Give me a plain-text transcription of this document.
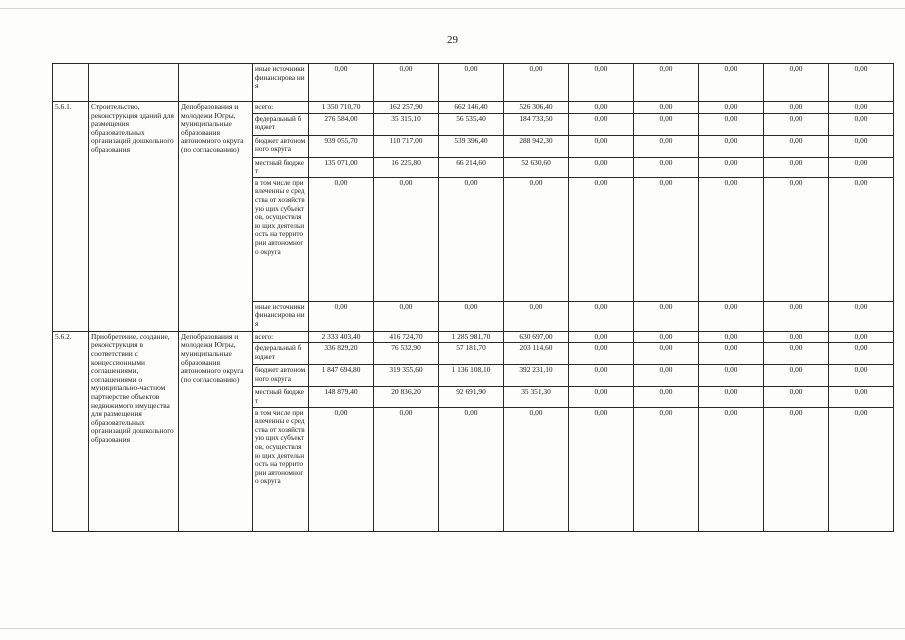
29
			иные источники финансирова ния	0,00	0,00	0,00	0,00	0,00	0,00	0,00	0,00	0,00
5.6.1.	Строительство, реконструкция зданий для размещения образовательных организаций дошкольного образования	Депобразования и молодежи Югры, муниципальные образования автономного округа (по согласованию)	всего:	1 350 710,70	162 257,90	662 146,40	526 306,40	0,00	0,00	0,00	0,00	0,00
			федеральный бюджет	276 584,00	35 315,10	56 535,40	184 733,50	0,00	0,00	0,00	0,00	0,00
			бюджет автономного округа	939 055,70	110 717,00	539 396,40	288 942,30	0,00	0,00	0,00	0,00	0,00
			местный бюджет	135 071,00	16 225,80	66 214,60	52 630,60	0,00	0,00	0,00	0,00	0,00
			в том числе привлеченны е средства от хозяйствую щих субъектов, осуществляю щих деятельность на территории автономного округа	0,00	0,00	0,00	0,00	0,00	0,00	0,00	0,00	0,00
			иные источники финансирова ния	0,00	0,00	0,00	0,00	0,00	0,00	0,00	0,00	0,00
5.6.2.	Приобретение, создание, реконструкция в соответствии с концессионными соглашениями, соглашениями о муниципально-частном партнерстве объектов недвижимого имущества для размещения образовательных организаций дошкольного образования	Депобразования и молодежи Югры, муниципальные образования автономного округа (по согласованию)	всего:	2 333 403,40	416 724,70	1 285 981,70	630 697,00	0,00	0,00	0,00	0,00	0,00
			федеральный бюджет	336 829,20	76 532,90	57 181,70	203 114,60	0,00	0,00	0,00	0,00	0,00
			бюджет автономного округа	1 847 694,80	319 355,60	1 136 108,10	392 231,10	0,00	0,00	0,00	0,00	0,00
			местный бюджет	148 879,40	20 836,20	92 691,90	35 351,30	0,00	0,00	0,00	0,00	0,00
			в том числе привлеченны е средства от хозяйствую щих субъектов, осуществляю щих деятельность на территории автономного округа	0,00	0,00	0,00	0,00	0,00	0,00	0,00	0,00	0,00
